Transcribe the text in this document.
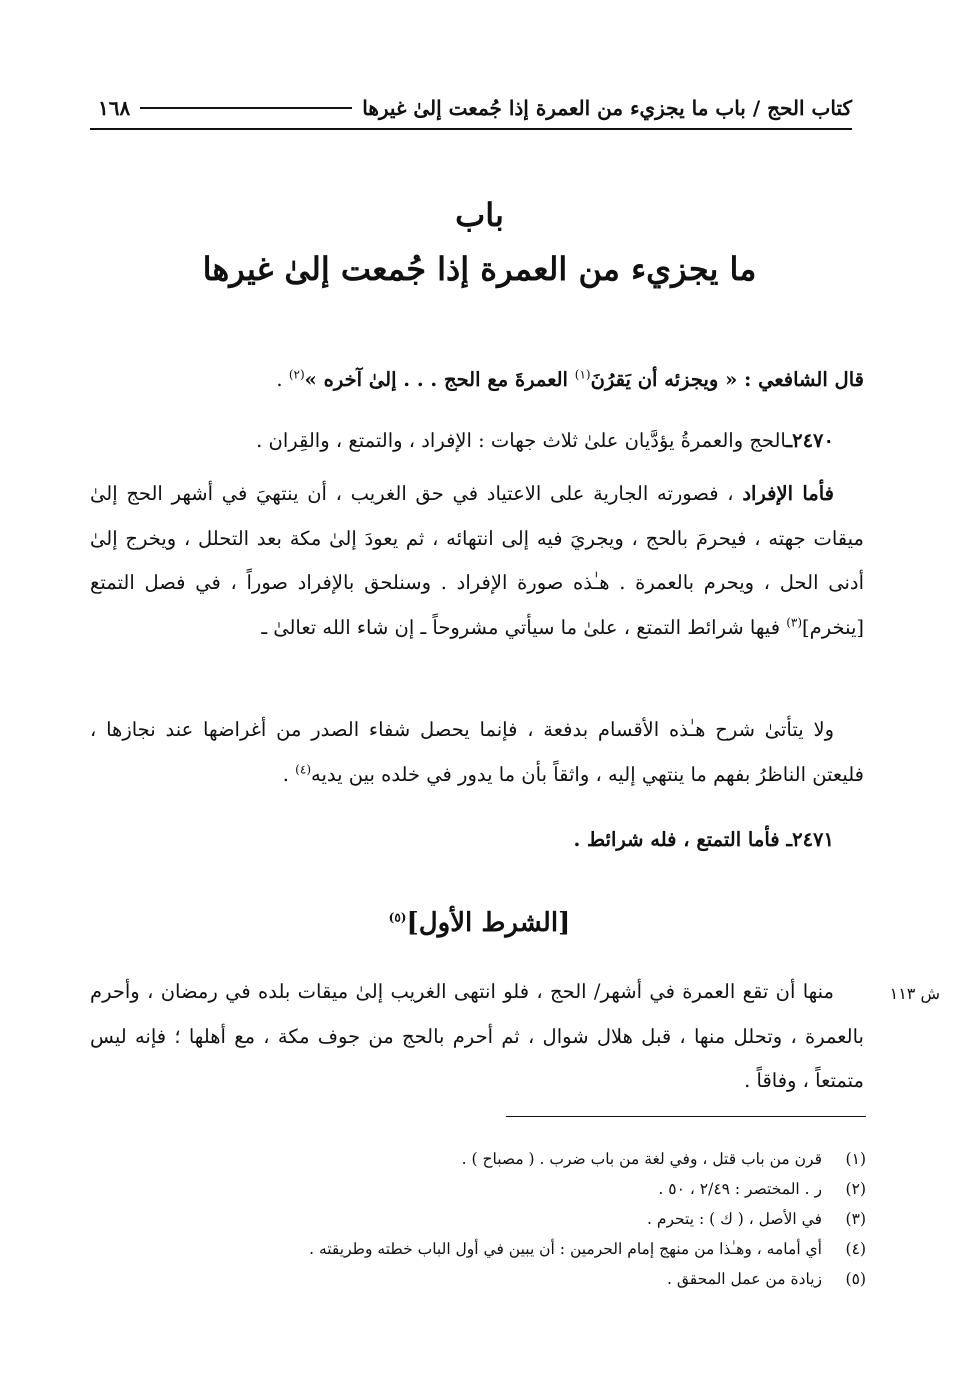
١٦٨	كتاب الحج / باب ما يجزيء من العمرة إذا جُمعت إلىٰ غيرها
باب
ما يجزيء من العمرة إذا جُمعت إلىٰ غيرها
قال الشافعي : « ويجزئه أن يَقرُنَ$^{(١)}$ العمرةَ مع الحج . . . إلىٰ آخره »$^{(٢)}$ .
٢٤٧٠ـالحج والعمرةُ يؤدَّيان علىٰ ثلاث جهات : الإفراد ، والتمتع ، والقِران .
فأما الإفراد ، فصورته الجارية على الاعتياد في حق الغريب ، أن ينتهيَ في أشهر الحج إلىٰ ميقات جهته ، فيحرمَ بالحج ، ويجريَ فيه إلى انتهائه ، ثم يعودَ إلىٰ مكة بعد التحلل ، ويخرج إلىٰ أدنى الحل ، ويحرم بالعمرة . هـٰذه صورة الإفراد . وسنلحق بالإفراد صوراً ، في فصل التمتع [ينخرم]$^{(٣)}$ فيها شرائط التمتع ، علىٰ ما سيأتي مشروحاً ـ إن شاء الله تعالىٰ ـ
ولا يتأتىٰ شرح هـٰذه الأقسام بدفعة ، فإنما يحصل شفاء الصدر من أغراضها عند نجازها ، فليعتن الناظرُ بفهم ما ينتهي إليه ، واثقاً بأن ما يدور في خلده بين يديه$^{(٤)}$ .
٢٤٧١ـ فأما التمتع ، فله شرائط .
[الشرط الأول]$^{(٥)}$
ش ١١٣
منها أن تقع العمرة في أشهر/ الحج ، فلو انتهى الغريب إلىٰ ميقات بلده في رمضان ، وأحرم بالعمرة ، وتحلل منها ، قبل هلال شوال ، ثم أحرم بالحج من جوف مكة ، مع أهلها ؛ فإنه ليس متمتعاً ، وفاقاً .
(١)
قرن من باب قتل ، وفي لغة من باب ضرب . ( مصباح ) .
(٢)
ر . المختصر : ٢/٤٩ ، ٥٠ .
(٣)
في الأصل ، ( ك ) : يتحرم .
(٤)
أي أمامه ، وهـٰذا من منهج إمام الحرمين : أن يبين في أول الباب خطته وطريقته .
(٥)
زيادة من عمل المحقق .
